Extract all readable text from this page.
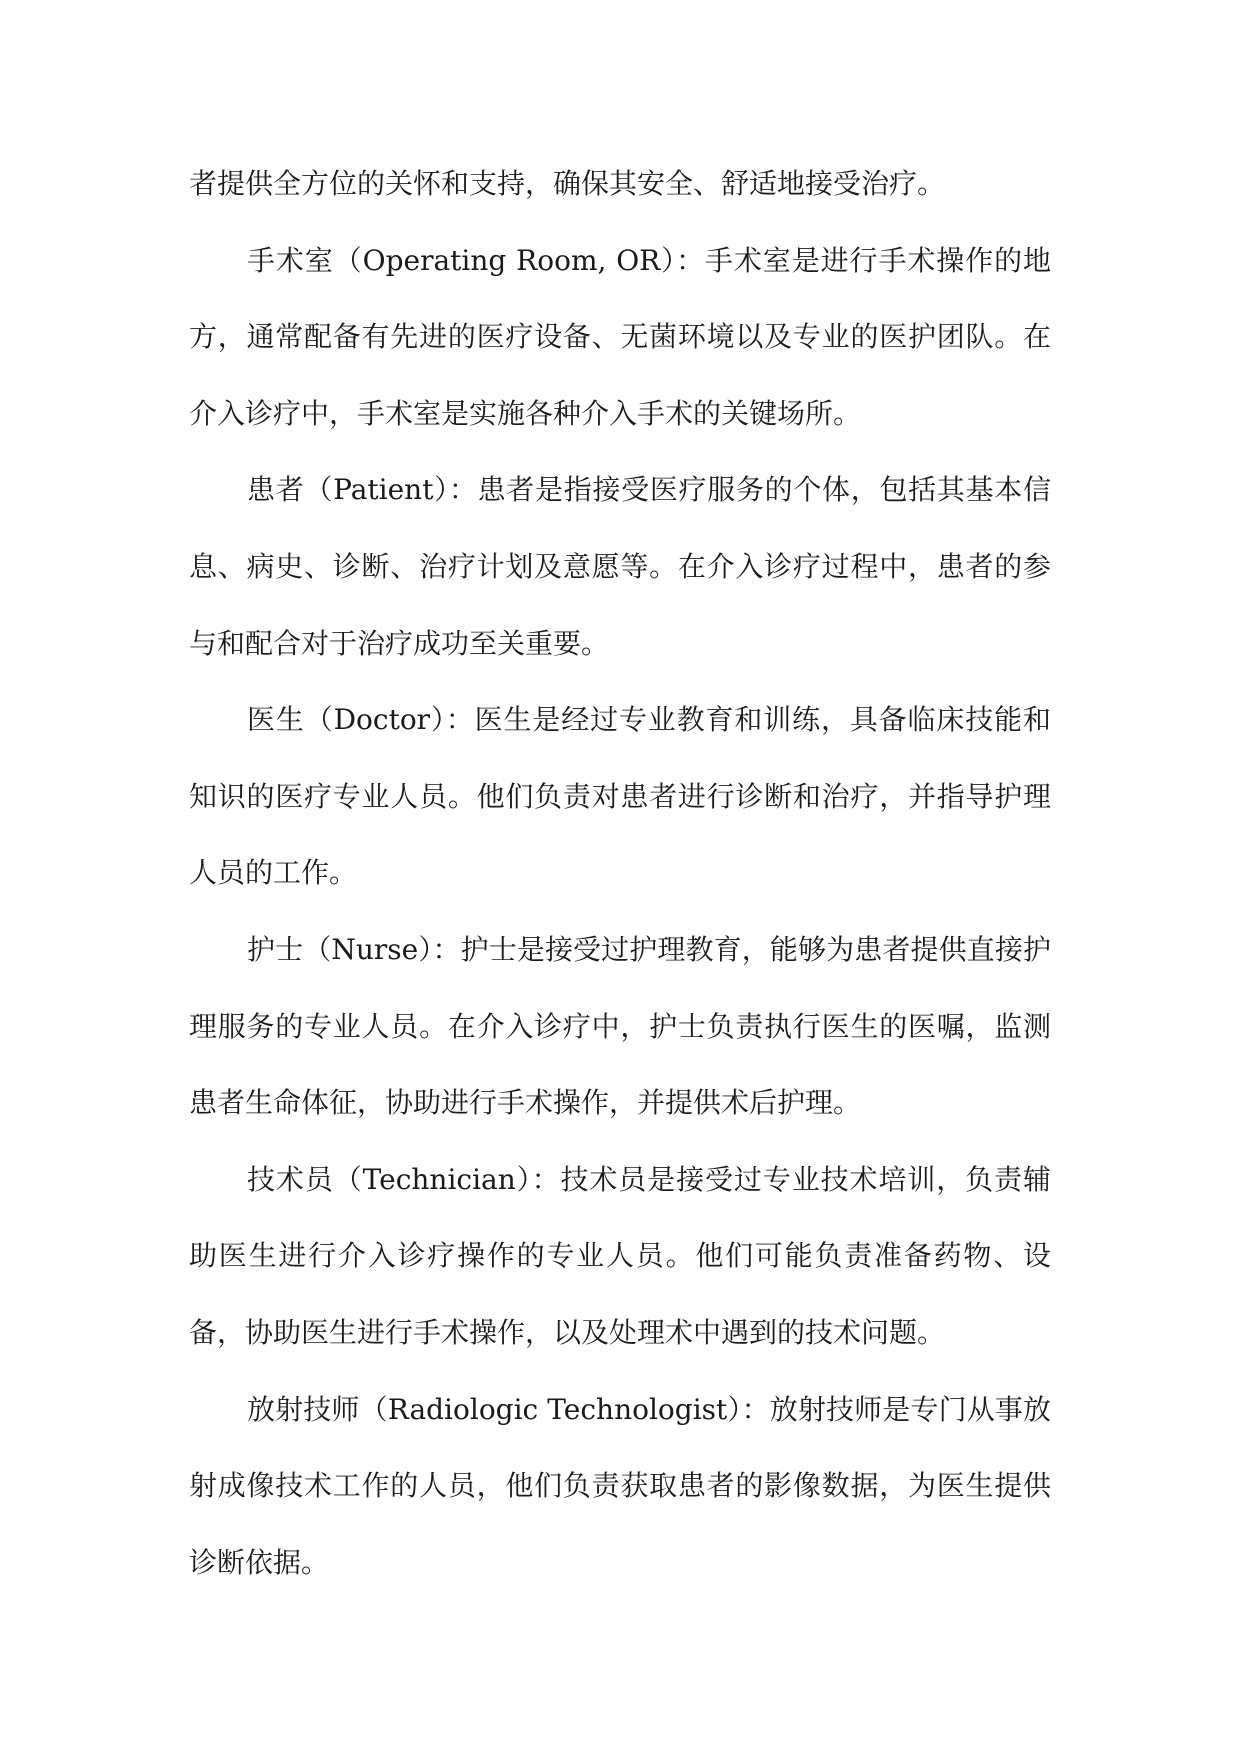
者提供全方位的关怀和支持，确保其安全、舒适地接受治疗。

手术室（Operating Room, OR）：手术室是进行手术操作的地方，通常配备有先进的医疗设备、无菌环境以及专业的医护团队。在介入诊疗中，手术室是实施各种介入手术的关键场所。

患者（Patient）：患者是指接受医疗服务的个体，包括其基本信息、病史、诊断、治疗计划及意愿等。在介入诊疗过程中，患者的参与和配合对于治疗成功至关重要。

医生（Doctor）：医生是经过专业教育和训练，具备临床技能和知识的医疗专业人员。他们负责对患者进行诊断和治疗，并指导护理人员的工作。

护士（Nurse）：护士是接受过护理教育，能够为患者提供直接护理服务的专业人员。在介入诊疗中，护士负责执行医生的医嘱，监测患者生命体征，协助进行手术操作，并提供术后护理。

技术员（Technician）：技术员是接受过专业技术培训，负责辅助医生进行介入诊疗操作的专业人员。他们可能负责准备药物、设备，协助医生进行手术操作，以及处理术中遇到的技术问题。

放射技师（Radiologic Technologist）：放射技师是专门从事放射成像技术工作的人员，他们负责获取患者的影像数据，为医生提供诊断依据。
